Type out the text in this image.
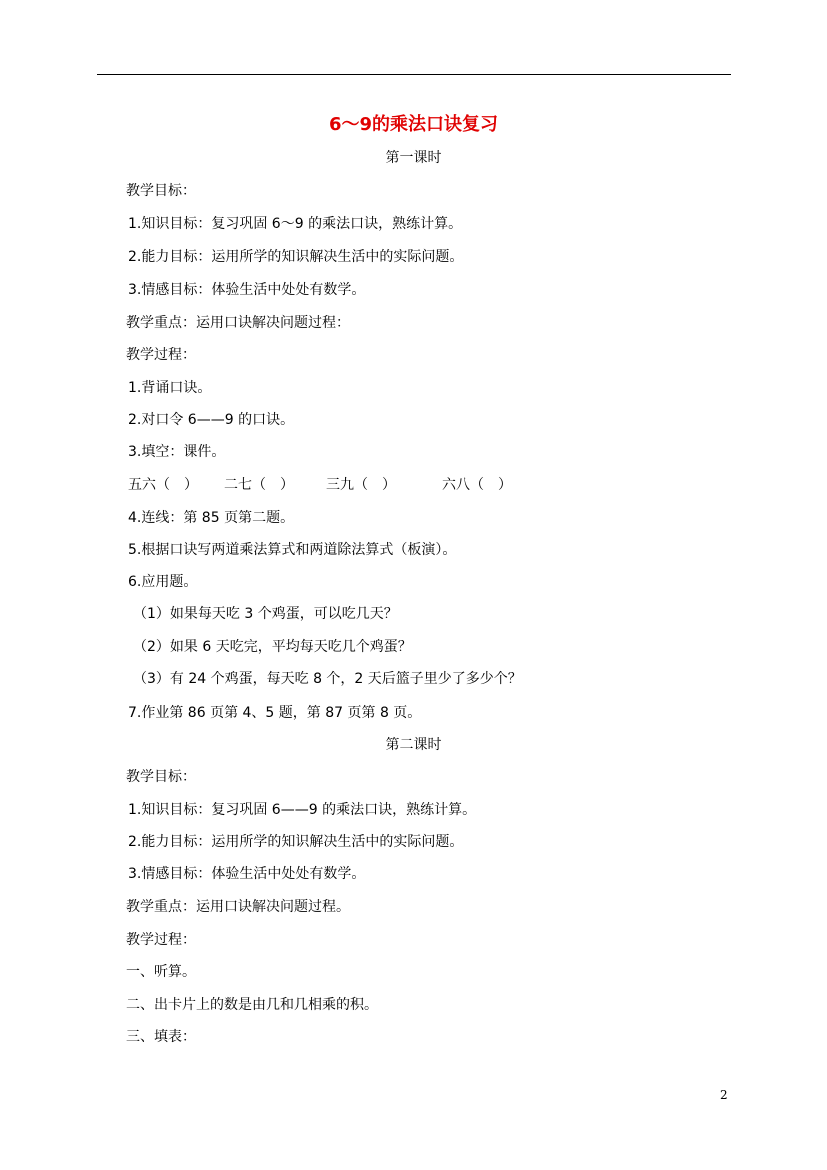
6～9的乘法口诀复习
第一课时
教学目标：
1.知识目标：复习巩固 6～9 的乘法口诀，熟练计算。
2.能力目标：运用所学的知识解决生活中的实际问题。
3.情感目标：体验生活中处处有数学。
教学重点：运用口诀解决问题过程：
教学过程：
1.背诵口诀。
2.对口令 6——9 的口诀。
3.填空：课件。
五六（　） 二七（　） 三九（　）	六八（　）
4.连线：第 85 页第二题。
5.根据口诀写两道乘法算式和两道除法算式（板演）。
6.应用题。
（1）如果每天吃 3 个鸡蛋，可以吃几天？
（2）如果 6 天吃完，平均每天吃几个鸡蛋？
（3）有 24 个鸡蛋，每天吃 8 个，2 天后篮子里少了多少个？
7.作业第 86 页第 4、5 题，第 87 页第 8 页。
第二课时
教学目标：
1.知识目标：复习巩固 6——9 的乘法口诀，熟练计算。
2.能力目标：运用所学的知识解决生活中的实际问题。
3.情感目标：体验生活中处处有数学。
教学重点：运用口诀解决问题过程。
教学过程：
一、听算。
二、出卡片上的数是由几和几相乘的积。
三、填表：
2
